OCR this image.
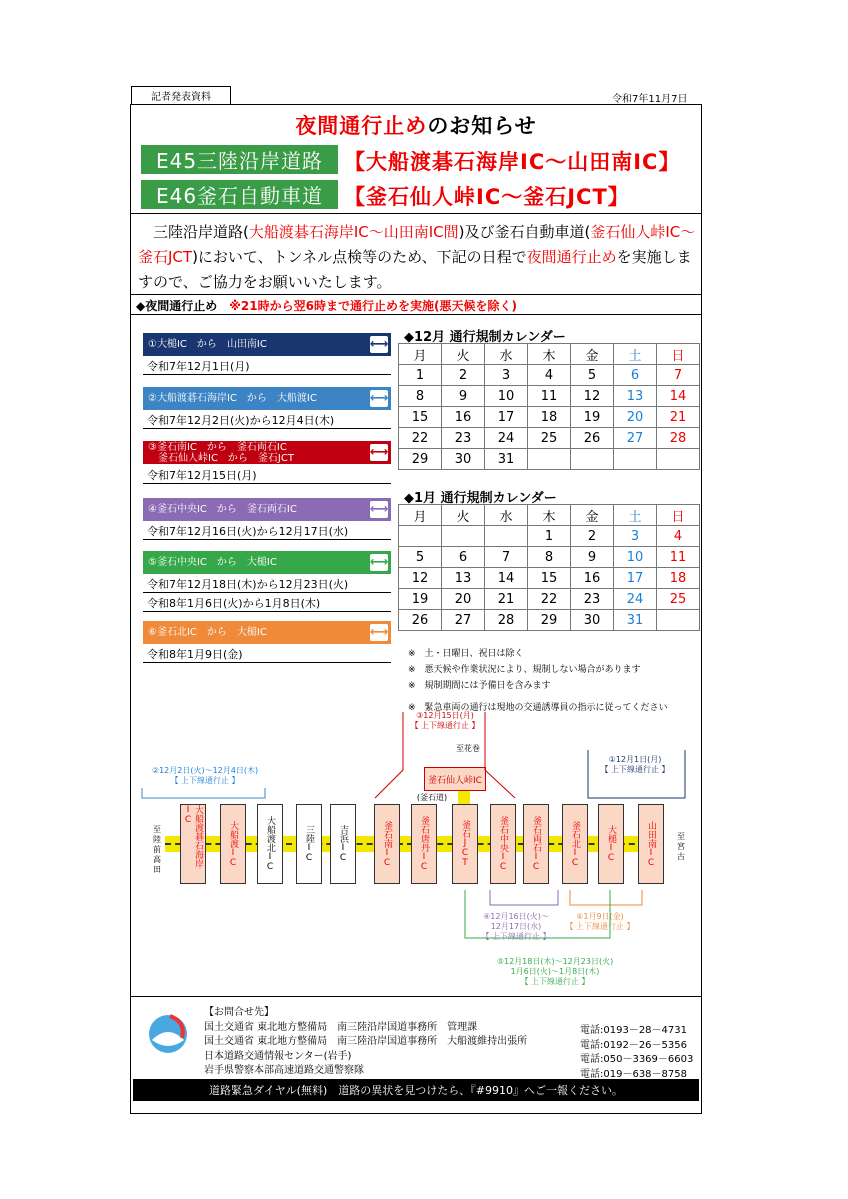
記者発表資料	令和7年11月7日
夜間通行止めのお知らせ
E45三陸沿岸道路 【大船渡碁石海岸IC～山田南IC】
E46釜石自動車道 【釜石仙人峠IC～釜石JCT】
　三陸沿岸道路(大船渡碁石海岸IC～山田南IC間)及び釜石自動車道(釜石仙人峠IC～釜石JCT)において、トンネル点検等のため、下記の日程で夜間通行止めを実施しますので、ご協力をお願いいたします。
◆夜間通行止め　 ※21時から翌6時まで通行止めを実施(悪天候を除く)
①大槌IC　から　山田南IC	⟷
令和7年12月1日(月)
②大船渡碁石海岸IC　から　大船渡IC	⟷
令和7年12月2日(火)から12月4日(木)
③釜石南IC　から　釜石両石IC
　釜石仙人峠IC　から　釜石JCT	⟷
令和7年12月15日(月)
④釜石中央IC　から　釜石両石IC	⟷
令和7年12月16日(火)から12月17日(水)
⑤釜石中央IC　から　大槌IC	⟷
令和7年12月18日(木)から12月23日(火)
令和8年1月6日(火)から1月8日(木)
⑥釜石北IC　から　大槌IC	⟷
令和8年1月9日(金)
◆12月 通行規制カレンダー
月	火	水	木	金	土	日
1	2	3	4	5	6	7
8	9	10	11	12	13	14
15	16	17	18	19	20	21
22	23	24	25	26	27	28
29	30	31				
◆1月 通行規制カレンダー
月	火	水	木	金	土	日
			1	2	3	4
5	6	7	8	9	10	11
12	13	14	15	16	17	18
19	20	21	22	23	24	25
26	27	28	29	30	31	
※　土・日曜日、祝日は除く
※　悪天候や作業状況により、規制しない場合があります
※　規制期間には予備日を含みます
※　緊急車両の通行は現地の交通誘導員の指示に従ってください
至陸前高田
至宮古
至花巻
釜石仙人峠IC
(釜石道)
大船渡碁石海岸IC
大船渡IC	大船渡北IC	三陸IC	吉浜IC	釜石南IC	釜石唐丹IC	釜石JCT	釜石中央IC	釜石両石IC	釜石北IC	大槌IC	山田南IC
②12月2日(火)～12月4日(木)
【 上下線通行止 】
③12月15日(月)
【 上下線通行止 】
①12月1日(月)
【 上下線通行止 】
④12月16日(火)～
12月17日(水)
【 上下線通行止 】
⑥1月9日(金)
【 上下線通行止 】
⑤12月18日(木)～12月23日(火)
1月6日(火)～1月8日(木)
【 上下線通行止 】
【お問合せ先】
国土交通省 東北地方整備局　南三陸沿岸国道事務所　管理課
国土交通省 東北地方整備局　南三陸沿岸国道事務所　大船渡維持出張所
日本道路交通情報センター(岩手)
岩手県警察本部高速道路交通警察隊
電話:0193－28－4731
電話:0192－26－5356
電話:050－3369－6603
電話:019－638－8758
道路緊急ダイヤル(無料)　道路の異状を見つけたら、『#9910』へご一報ください。
